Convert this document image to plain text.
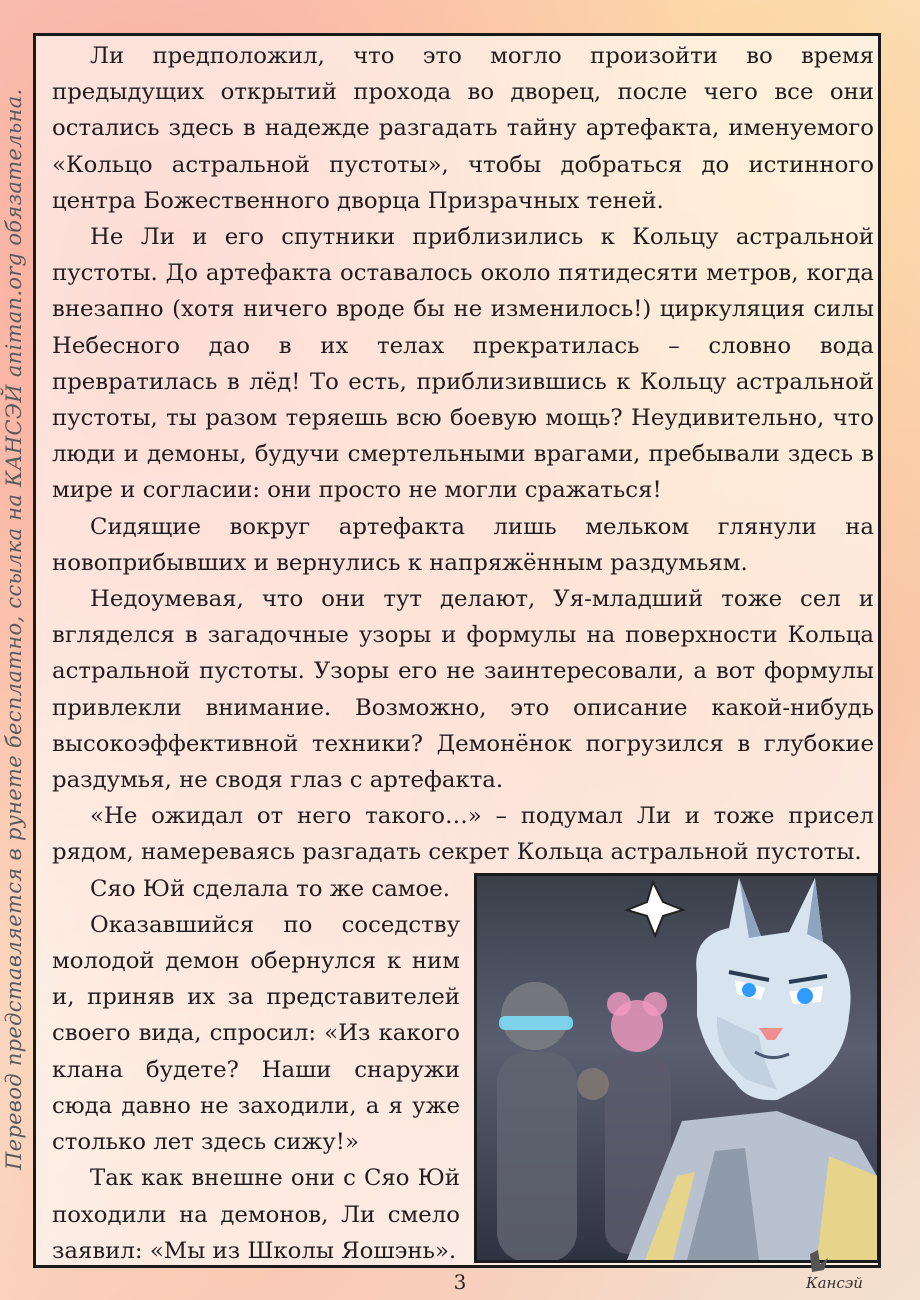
Перевод представляется в рунете бесплатно, ссылка на КАНСЭЙ animan.org обязательна.

Ли предположил, что это могло произойти во время предыдущих открытий прохода во дворец, после чего все они остались здесь в надежде разгадать тайну артефакта, именуемого «Кольцо астральной пустоты», чтобы добраться до истинного центра Божественного дворца Призрачных теней.

Не Ли и его спутники приблизились к Кольцу астральной пустоты. До артефакта оставалось около пятидесяти метров, когда внезапно (хотя ничего вроде бы не изменилось!) циркуляция силы Небесного дао в их телах прекратилась – словно вода превратилась в лёд! То есть, приблизившись к Кольцу астральной пустоты, ты разом теряешь всю боевую мощь? Неудивительно, что люди и демоны, будучи смертельными врагами, пребывали здесь в мире и согласии: они просто не могли сражаться!

Сидящие вокруг артефакта лишь мельком глянули на новоприбывших и вернулись к напряжённым раздумьям.

Недоумевая, что они тут делают, Уя-младший тоже сел и вгляделся в загадочные узоры и формулы на поверхности Кольца астральной пустоты. Узоры его не заинтересовали, а вот формулы привлекли внимание. Возможно, это описание какой-нибудь высокоэффективной техники? Демонёнок погрузился в глубокие раздумья, не сводя глаз с артефакта.

«Не ожидал от него такого…» – подумал Ли и тоже присел рядом, намереваясь разгадать секрет Кольца астральной пустоты.

Сяо Юй сделала то же самое.

Оказавшийся по соседству молодой демон обернулся к ним и, приняв их за представителей своего вида, спросил: «Из какого клана будете? Наши снаружи сюда давно не заходили, а я уже столько лет здесь сижу!»

Так как внешне они с Сяо Юй походили на демонов, Ли смело заявил: «Мы из Школы Яошэнь».

3	Кансэй
